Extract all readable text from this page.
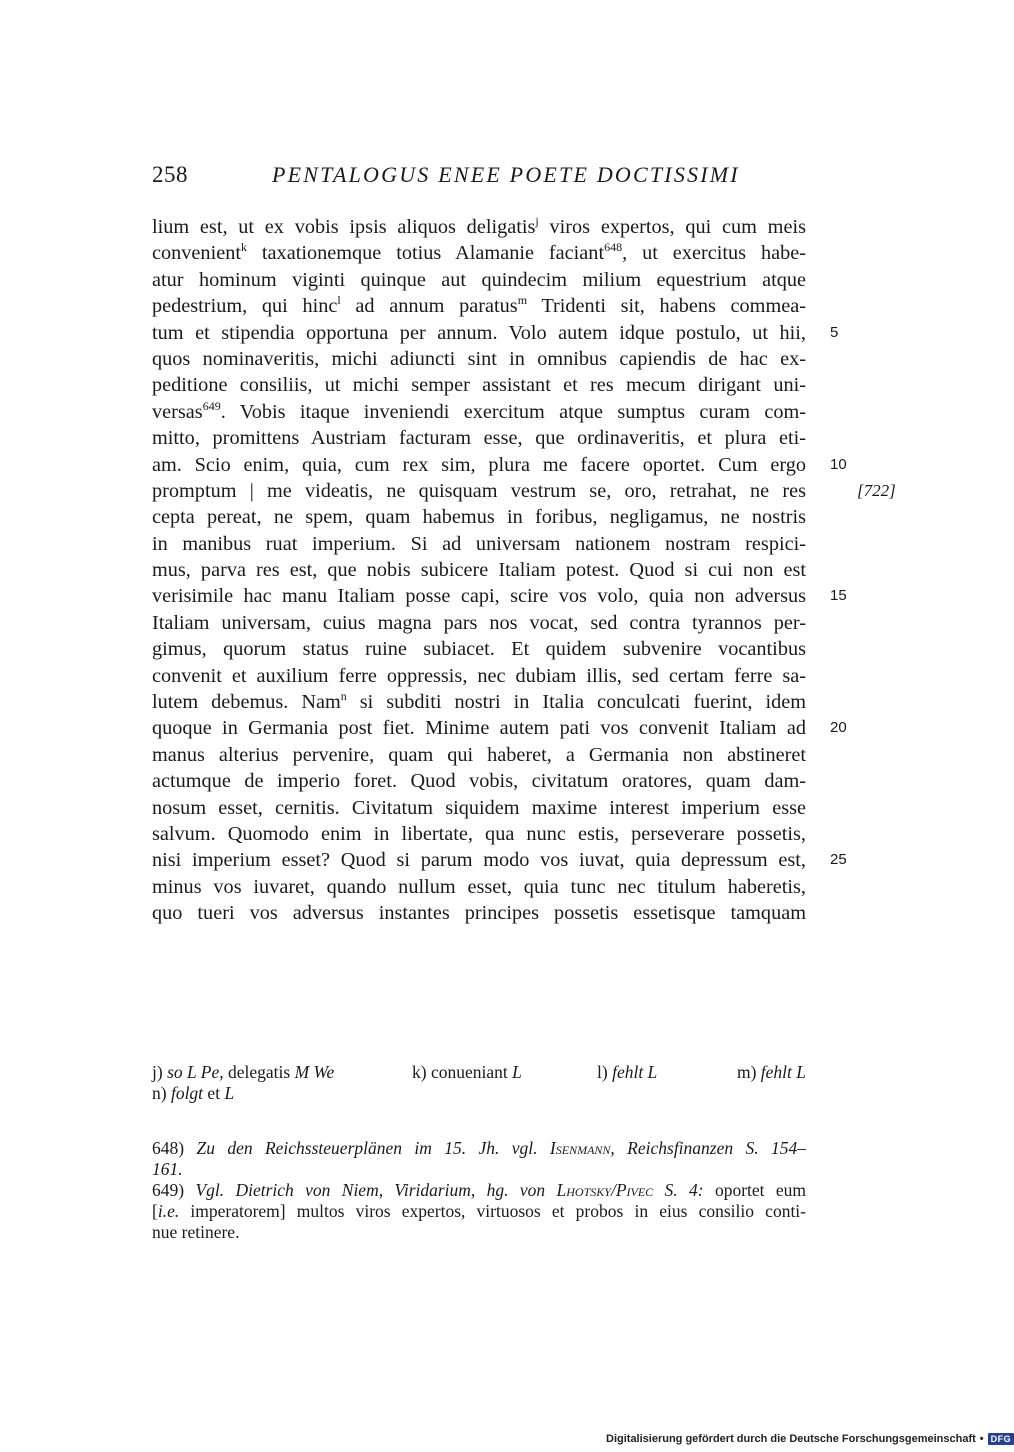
258	PENTALOGUS ENEE POETE DOCTISSIMI
lium est, ut ex vobis ipsis aliquos deligatis$^j$ viros expertos, qui cum meis
convenient$^k$ taxationemque totius Alamanie faciant$^{648}$, ut exercitus habe-
atur hominum viginti quinque aut quindecim milium equestrium atque
pedestrium, qui hinc$^l$ ad annum paratus$^m$ Tridenti sit, habens commea-
tum et stipendia opportuna per annum. Volo autem idque postulo, ut hii, 5
quos nominaveritis, michi adiuncti sint in omnibus capiendis de hac ex-
peditione consiliis, ut michi semper assistant et res mecum dirigant uni-
versas$^{649}$. Vobis itaque inveniendi exercitum atque sumptus curam com-
mitto, promittens Austriam facturam esse, que ordinaveritis, et plura eti-
am. Scio enim, quia, cum rex sim, plura me facere oportet. Cum ergo 10
promptum | me videatis, ne quisquam vestrum se, oro, retrahat, ne res	[722]
cepta pereat, ne spem, quam habemus in foribus, negligamus, ne nostris
in manibus ruat imperium. Si ad universam nationem nostram respici-
mus, parva res est, que nobis subicere Italiam potest. Quod si cui non est
verisimile hac manu Italiam posse capi, scire vos volo, quia non adversus 15
Italiam universam, cuius magna pars nos vocat, sed contra tyrannos per-
gimus, quorum status ruine subiacet. Et quidem subvenire vocantibus
convenit et auxilium ferre oppressis, nec dubiam illis, sed certam ferre sa-
lutem debemus. Nam$^n$ si subditi nostri in Italia conculcati fuerint, idem
quoque in Germania post fiet. Minime autem pati vos convenit Italiam ad 20
manus alterius pervenire, quam qui haberet, a Germania non abstineret
actumque de imperio foret. Quod vobis, civitatum oratores, quam dam-
nosum esset, cernitis. Civitatum siquidem maxime interest imperium esse
salvum. Quomodo enim in libertate, qua nunc estis, perseverare possetis,
nisi imperium esset? Quod si parum modo vos iuvat, quia depressum est, 25
minus vos iuvaret, quando nullum esset, quia tunc nec titulum haberetis,
quo tueri vos adversus instantes principes possetis essetisque tamquam
j) so L Pe, delegatis M We	k) conueniant L	l) fehlt L	m) fehlt L
n) folgt et L
648) Zu den Reichssteuerplänen im 15. Jh. vgl. Isenmann, Reichsfinanzen S. 154–
161.
649) Vgl. Dietrich von Niem, Viridarium, hg. von Lhotsky/Pivec S. 4: oportet eum
[i.e. imperatorem] multos viros expertos, virtuosos et probos in eius consilio conti-
nue retinere.
Digitalisierung gefördert durch die Deutsche Forschungsgemeinschaft • DFG
